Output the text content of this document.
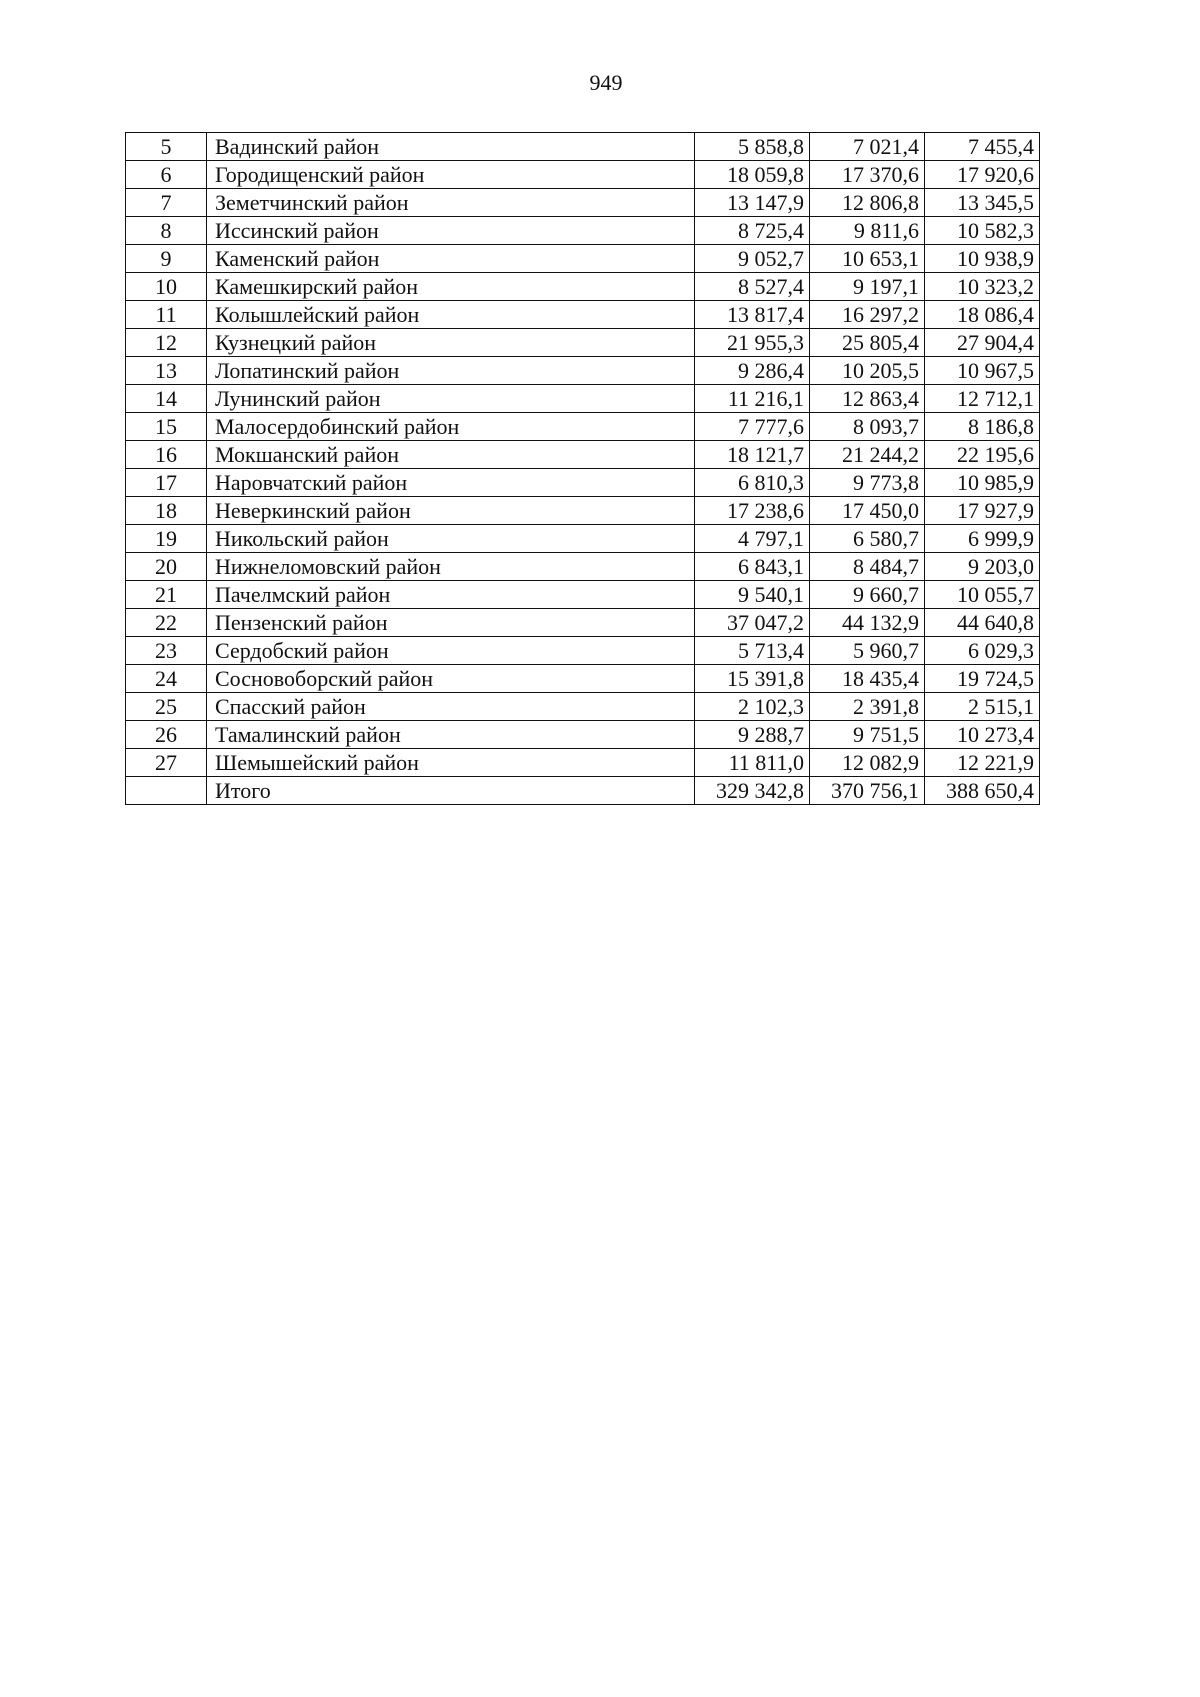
949
5	Вадинский район	5 858,8	7 021,4	7 455,4
6	Городищенский район	18 059,8	17 370,6	17 920,6
7	Земетчинский район	13 147,9	12 806,8	13 345,5
8	Иссинский район	8 725,4	9 811,6	10 582,3
9	Каменский район	9 052,7	10 653,1	10 938,9
10	Камешкирский район	8 527,4	9 197,1	10 323,2
11	Колышлейский район	13 817,4	16 297,2	18 086,4
12	Кузнецкий район	21 955,3	25 805,4	27 904,4
13	Лопатинский район	9 286,4	10 205,5	10 967,5
14	Лунинский район	11 216,1	12 863,4	12 712,1
15	Малосердобинский район	7 777,6	8 093,7	8 186,8
16	Мокшанский район	18 121,7	21 244,2	22 195,6
17	Наровчатский район	6 810,3	9 773,8	10 985,9
18	Неверкинский район	17 238,6	17 450,0	17 927,9
19	Никольский район	4 797,1	6 580,7	6 999,9
20	Нижнеломовский район	6 843,1	8 484,7	9 203,0
21	Пачелмский район	9 540,1	9 660,7	10 055,7
22	Пензенский район	37 047,2	44 132,9	44 640,8
23	Сердобский район	5 713,4	5 960,7	6 029,3
24	Сосновоборский район	15 391,8	18 435,4	19 724,5
25	Спасский район	2 102,3	2 391,8	2 515,1
26	Тамалинский район	9 288,7	9 751,5	10 273,4
27	Шемышейский район	11 811,0	12 082,9	12 221,9
	Итого	329 342,8	370 756,1	388 650,4
